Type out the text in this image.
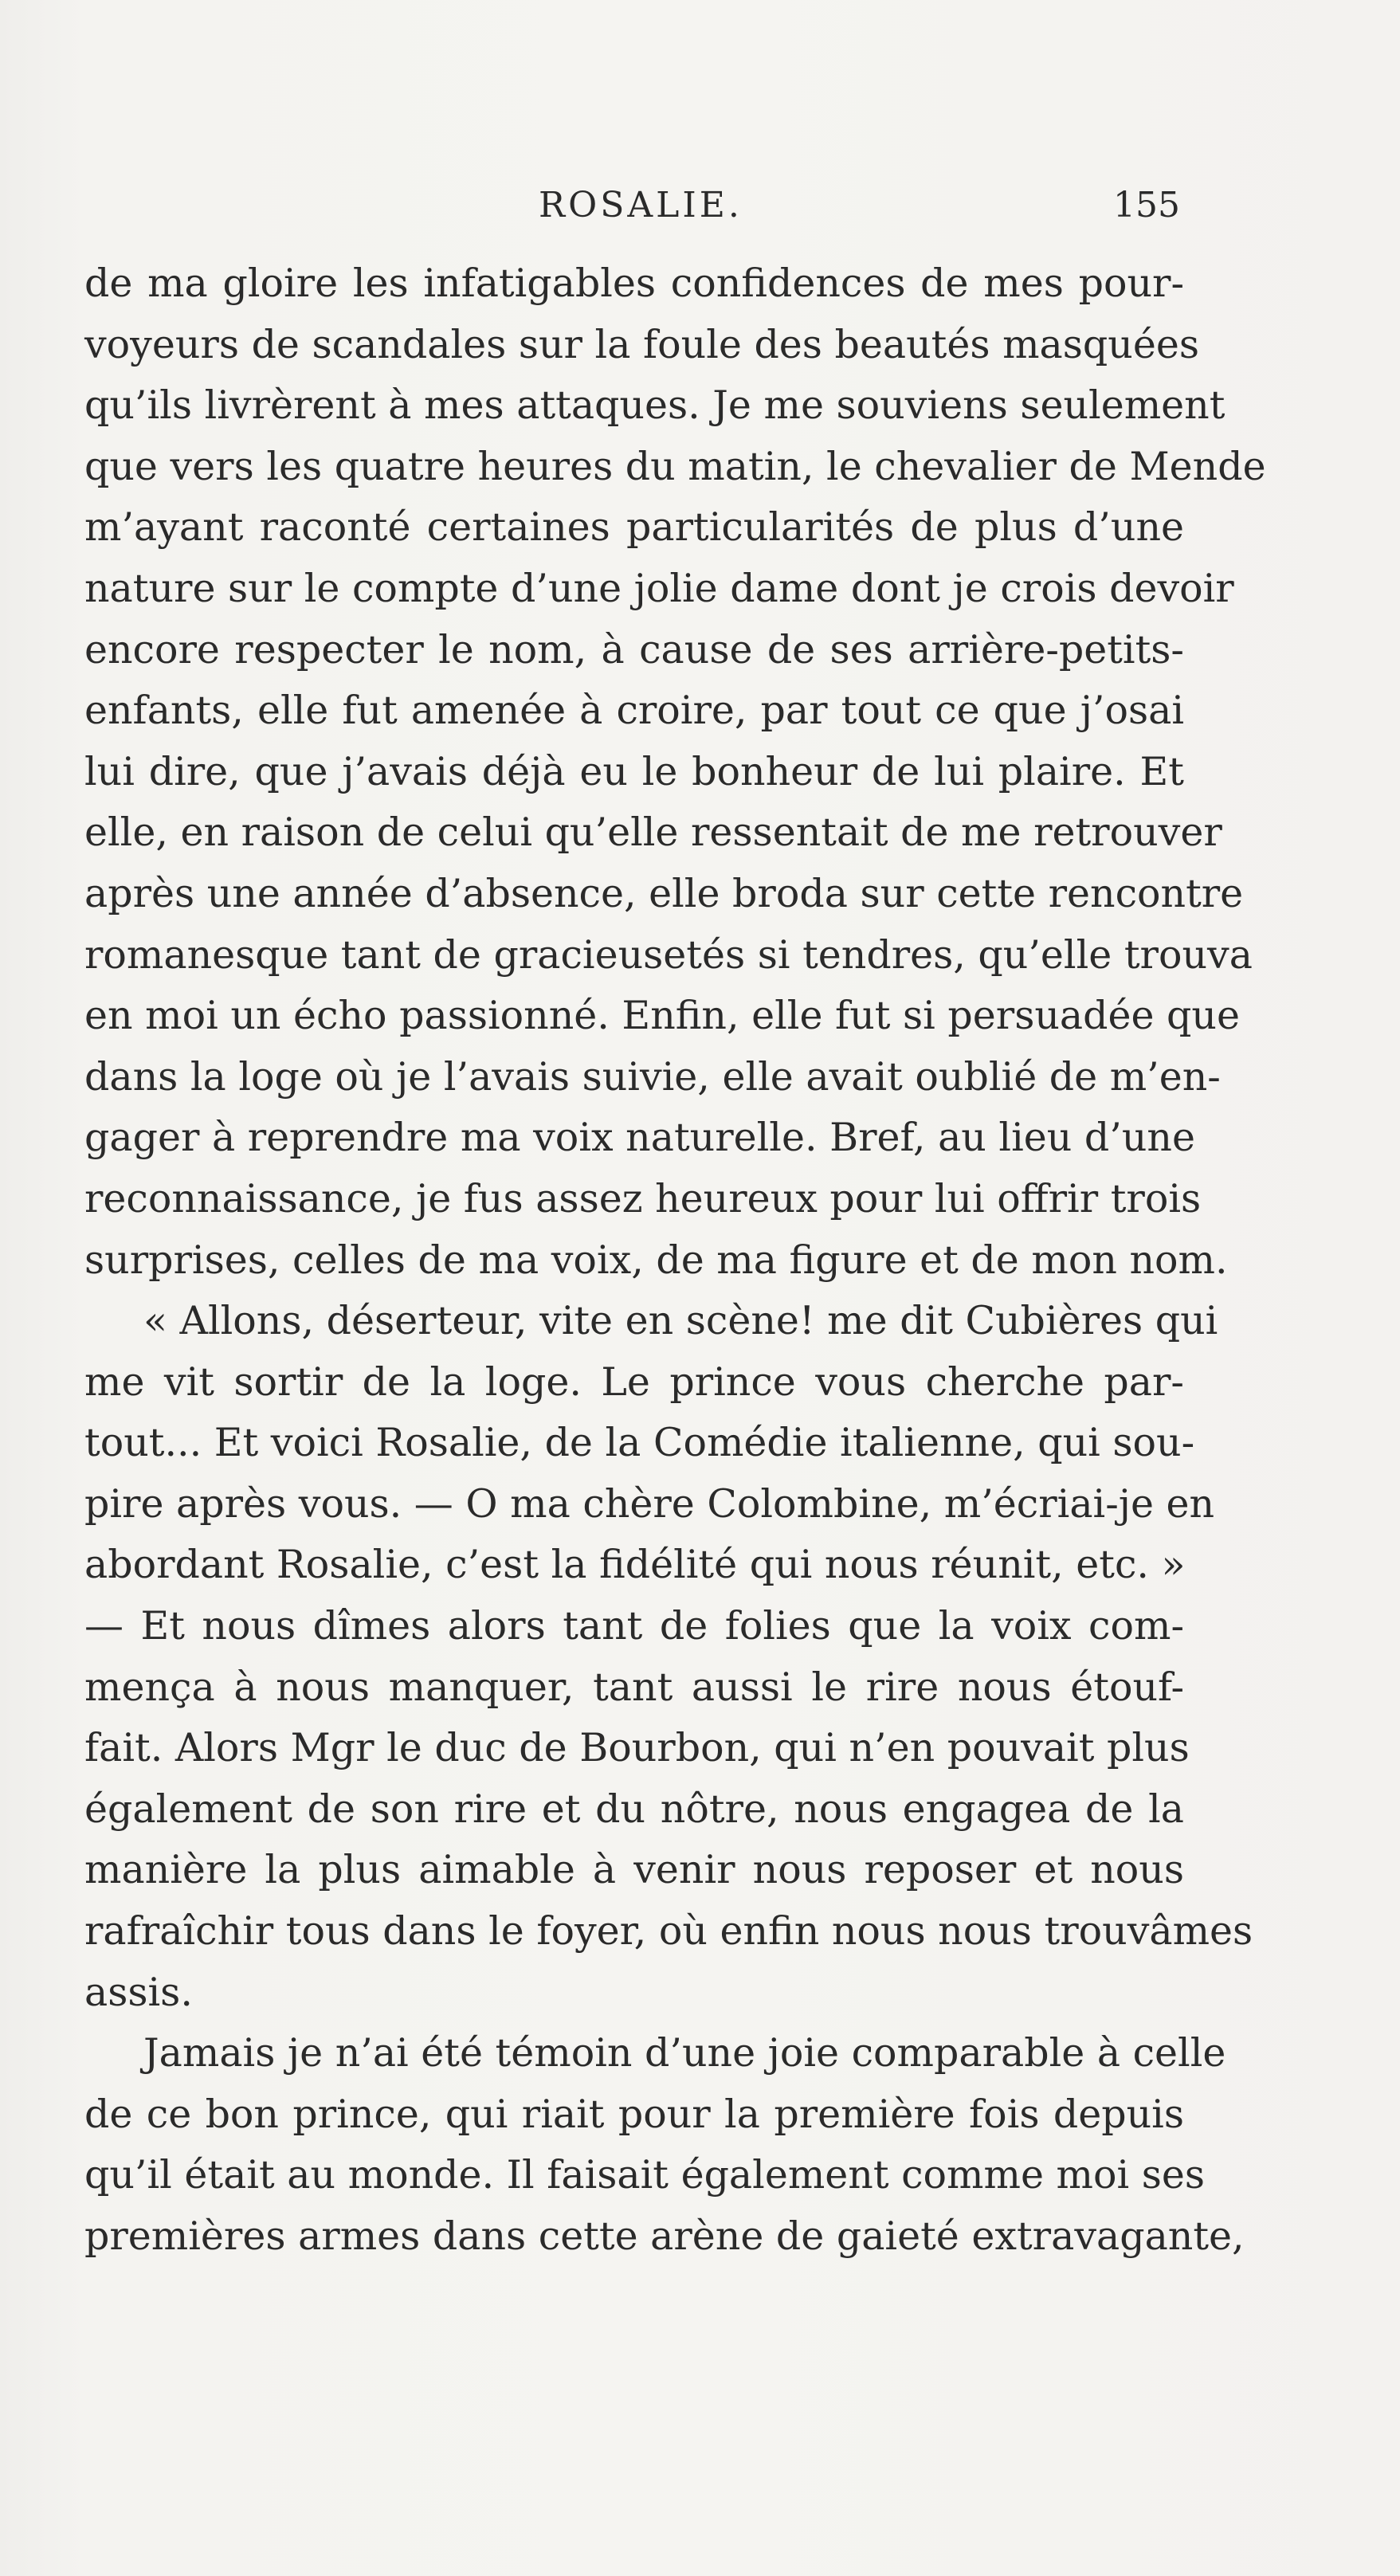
ROSALIE.	155
de ma gloire les infatigables confidences de mes pour-
voyeurs de scandales sur la foule des beautés masquées
qu’ils livrèrent à mes attaques. Je me souviens seulement
que vers les quatre heures du matin, le chevalier de Mende
m’ayant raconté certaines particularités de plus d’une
nature sur le compte d’une jolie dame dont je crois devoir
encore respecter le nom, à cause de ses arrière-petits-
enfants, elle fut amenée à croire, par tout ce que j’osai
lui dire, que j’avais déjà eu le bonheur de lui plaire. Et
elle, en raison de celui qu’elle ressentait de me retrouver
après une année d’absence, elle broda sur cette rencontre
romanesque tant de gracieusetés si tendres, qu’elle trouva
en moi un écho passionné. Enfin, elle fut si persuadée que
dans la loge où je l’avais suivie, elle avait oublié de m’en-
gager à reprendre ma voix naturelle. Bref, au lieu d’une
reconnaissance, je fus assez heureux pour lui offrir trois
surprises, celles de ma voix, de ma figure et de mon nom.
« Allons, déserteur, vite en scène! me dit Cubières qui
me vit sortir de la loge. Le prince vous cherche par-
tout... Et voici Rosalie, de la Comédie italienne, qui sou-
pire après vous. — O ma chère Colombine, m’écriai-je en
abordant Rosalie, c’est la fidélité qui nous réunit, etc. »
— Et nous dîmes alors tant de folies que la voix com-
mença à nous manquer, tant aussi le rire nous étouf-
fait. Alors Mgr le duc de Bourbon, qui n’en pouvait plus
également de son rire et du nôtre, nous engagea de la
manière la plus aimable à venir nous reposer et nous
rafraîchir tous dans le foyer, où enfin nous nous trouvâmes
assis.
Jamais je n’ai été témoin d’une joie comparable à celle
de ce bon prince, qui riait pour la première fois depuis
qu’il était au monde. Il faisait également comme moi ses
premières armes dans cette arène de gaieté extravagante,
